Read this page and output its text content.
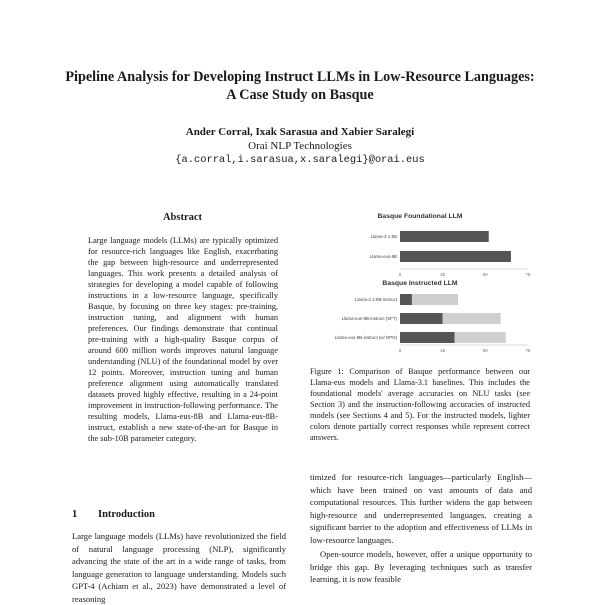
Pipeline Analysis for Developing Instruct LLMs in Low-Resource Languages: A Case Study on Basque
Ander Corral, Ixak Sarasua and Xabier Saralegi
Orai NLP Technologies
{a.corral,i.sarasua,x.saralegi}@orai.eus
Abstract
Large language models (LLMs) are typically optimized for resource-rich languages like English, exacerbating the gap between high-resource and underrepresented languages. This work presents a detailed analysis of strategies for developing a model capable of following instructions in a low-resource language, specifically Basque, by focusing on three key stages: pre-training, instruction tuning, and alignment with human preferences. Our findings demonstrate that continual pre-training with a high-quality Basque corpus of around 600 million words improves natural language understanding (NLU) of the foundational model by over 12 points. Moreover, instruction tuning and human preference alignment using automatically translated datasets proved highly effective, resulting in a 24-point improvement in instruction-following performance. The resulting models, Llama-eus-8B and Llama-eus-8B-instruct, establish a new state-of-the-art for Basque in the sub-10B parameter category.
1 Introduction
Large language models (LLMs) have revolutionized the field of natural language processing (NLP), significantly advancing the state of the art in a wide range of tasks, from language generation to language understanding. Models such GPT-4 (Achiam et al., 2023) have demonstrated a level of reasoning
Basque Foundational LLM
0	25	50	75
Llama-3.1-8B
Llama-eus-8B
Basque Instructed LLM
0	25	50	75
Llama-3.1-8B-instruct
Llama-eus-8B-instruct (SFT)
Llama-eus-8B-instruct (w/ DPO)
Figure 1: Comparison of Basque performance between our Llama-eus models and Llama-3.1 baselines. This includes the foundational models' average accuracies on NLU tasks (see Section 3) and the instruction-following accuracies of instructed models (see Sections 4 and 5). For the instructed models, lighter colors denote partially correct responses while represent correct answers.

timized for resource-rich languages—particularly English—which have been trained on vast amounts of data and computational resources. This further widens the gap between high-resource and underrepresented languages, creating a significant barrier to the adoption and effectiveness of LLMs in low-resource languages.

Open-source models, however, offer a unique opportunity to bridge this gap. By leveraging techniques such as transfer learning, it is now feasible
